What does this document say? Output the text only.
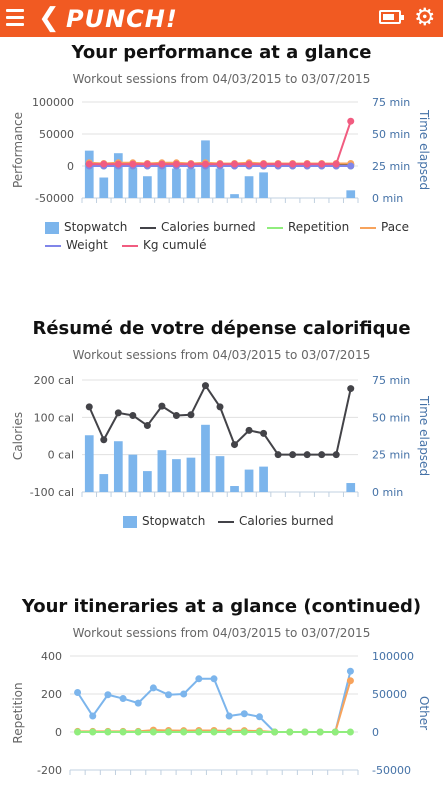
❮ PUNCH!	⚙
Your performance at a glance
Workout sessions from 04/03/2015 to 03/07/2015
100000
50000
0
-50000
75 min
50 min
25 min
0 min
Performance	Time elapsed
Stopwatch	Calories burned	Repetition	Pace
Weight	Kg cumulé
Résumé de votre dépense calorifique
Workout sessions from 04/03/2015 to 03/07/2015
200 cal
100 cal
0 cal
-100 cal
75 min
50 min
25 min
0 min
Calories	Time elapsed
Stopwatch	Calories burned
Your itineraries at a glance (continued)
Workout sessions from 04/03/2015 to 03/07/2015
400
200
0
-200
100000
50000
0
-50000
Repetition	Other
